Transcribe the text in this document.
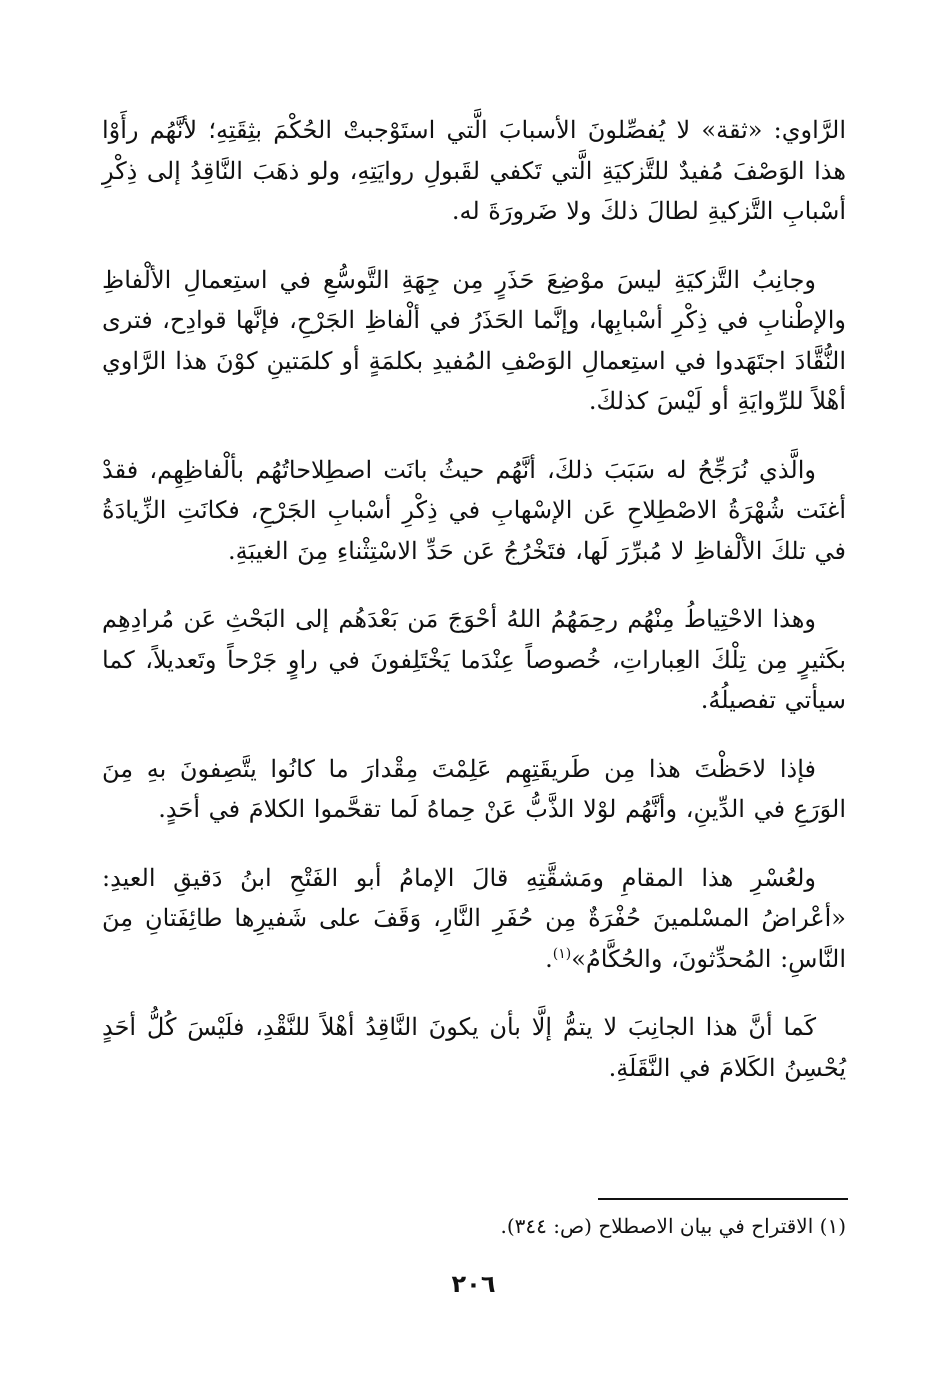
الرَّاوي: «ثقة» لا يُفصِّلونَ الأسبابَ الَّتي استَوْجبتْ الحُكْمَ بثِقَتِهِ؛ لأنَّهُم رأَوْا هذا الوَصْفَ مُفيدٌ للتَّزكيَةِ الَّتي تَكفي لقَبولِ روايَتِهِ، ولو ذهَبَ النَّاقِدُ إلى ذِكْرِ أسْبابِ التَّزكيةِ لطالَ ذلكَ ولا ضَرورَةَ له.

وجانِبُ التَّزكيَةِ ليسَ موْضِعَ حَذَرٍ مِن جِهَةِ التَّوسُّعِ في استِعمالِ الألْفاظِ والإطْنابِ في ذِكْرِ أسْبابِها، وإنَّما الحَذَرُ في ألْفاظِ الجَرْحِ، فإنَّها قوادِح، فترى النُّقَّادَ اجتَهَدوا في استِعمالِ الوَصْفِ المُفيدِ بكلمَةٍ أو كلمَتينِ كوْنَ هذا الرَّاوي أهْلاً للرِّوايَةِ أو لَيْسَ كذلكَ.

والَّذي نُرَجِّحُ له سَبَبَ ذلكَ، أنَّهُم حيثُ بانَت اصطِلاحاتُهُم بألْفاظِهِم، فقدْ أغنَت شُهْرَةُ الاصْطِلاحِ عَن الإسْهابِ في ذِكْرِ أسْبابِ الجَرْحِ، فكانَتِ الزِّيادَةُ في تلكَ الألْفاظِ لا مُبرِّرَ لَها، فتَخْرُجُ عَن حَدِّ الاسْتِثْناءِ مِنَ الغيبَةِ.

وهذا الاحْتِياطُ مِنْهُم رحِمَهُمُ اللهُ أحْوَجَ مَن بَعْدَهُم إلى البَحْثِ عَن مُرادِهِم بكَثيرٍ مِن تِلْكَ العِباراتِ، خُصوصاً عِنْدَما يَخْتَلِفونَ في راوٍ جَرْحاً وتَعديلاً، كما سيأتي تفصيلُهُ.

فإذا لاحَظْتَ هذا مِن طَريقَتِهِم عَلِمْتَ مِقْدارَ ما كانُوا يتَّصِفونَ بهِ مِنَ الوَرَعِ في الدِّينِ، وأنَّهُم لوْلا الذَّبُّ عَنْ حِماهُ لَما تقحَّموا الكلامَ في أحَدٍ.

ولعُسْرِ هذا المقامِ ومَشقَّتِهِ قالَ الإمامُ أبو الفَتْحِ ابنُ دَقيقِ العيدِ: «أعْراضُ المسْلمينَ حُفْرَةٌ مِن حُفَرِ النَّارِ، وَقَفَ على شَفيرِها طائِفَتانِ مِنَ النَّاسِ: المُحدِّثونَ، والحُكَّامُ»$^{(١)}$.

كَما أنَّ هذا الجانِبَ لا يتمُّ إلَّا بأن يكونَ النَّاقِدُ أهْلاً للنَّقْدِ، فلَيْسَ كُلُّ أحَدٍ يُحْسِنُ الكَلامَ في النَّقَلَةِ.

(١) الاقتراح في بيان الاصطلاح (ص: ٣٤٤).
٢٠٦
